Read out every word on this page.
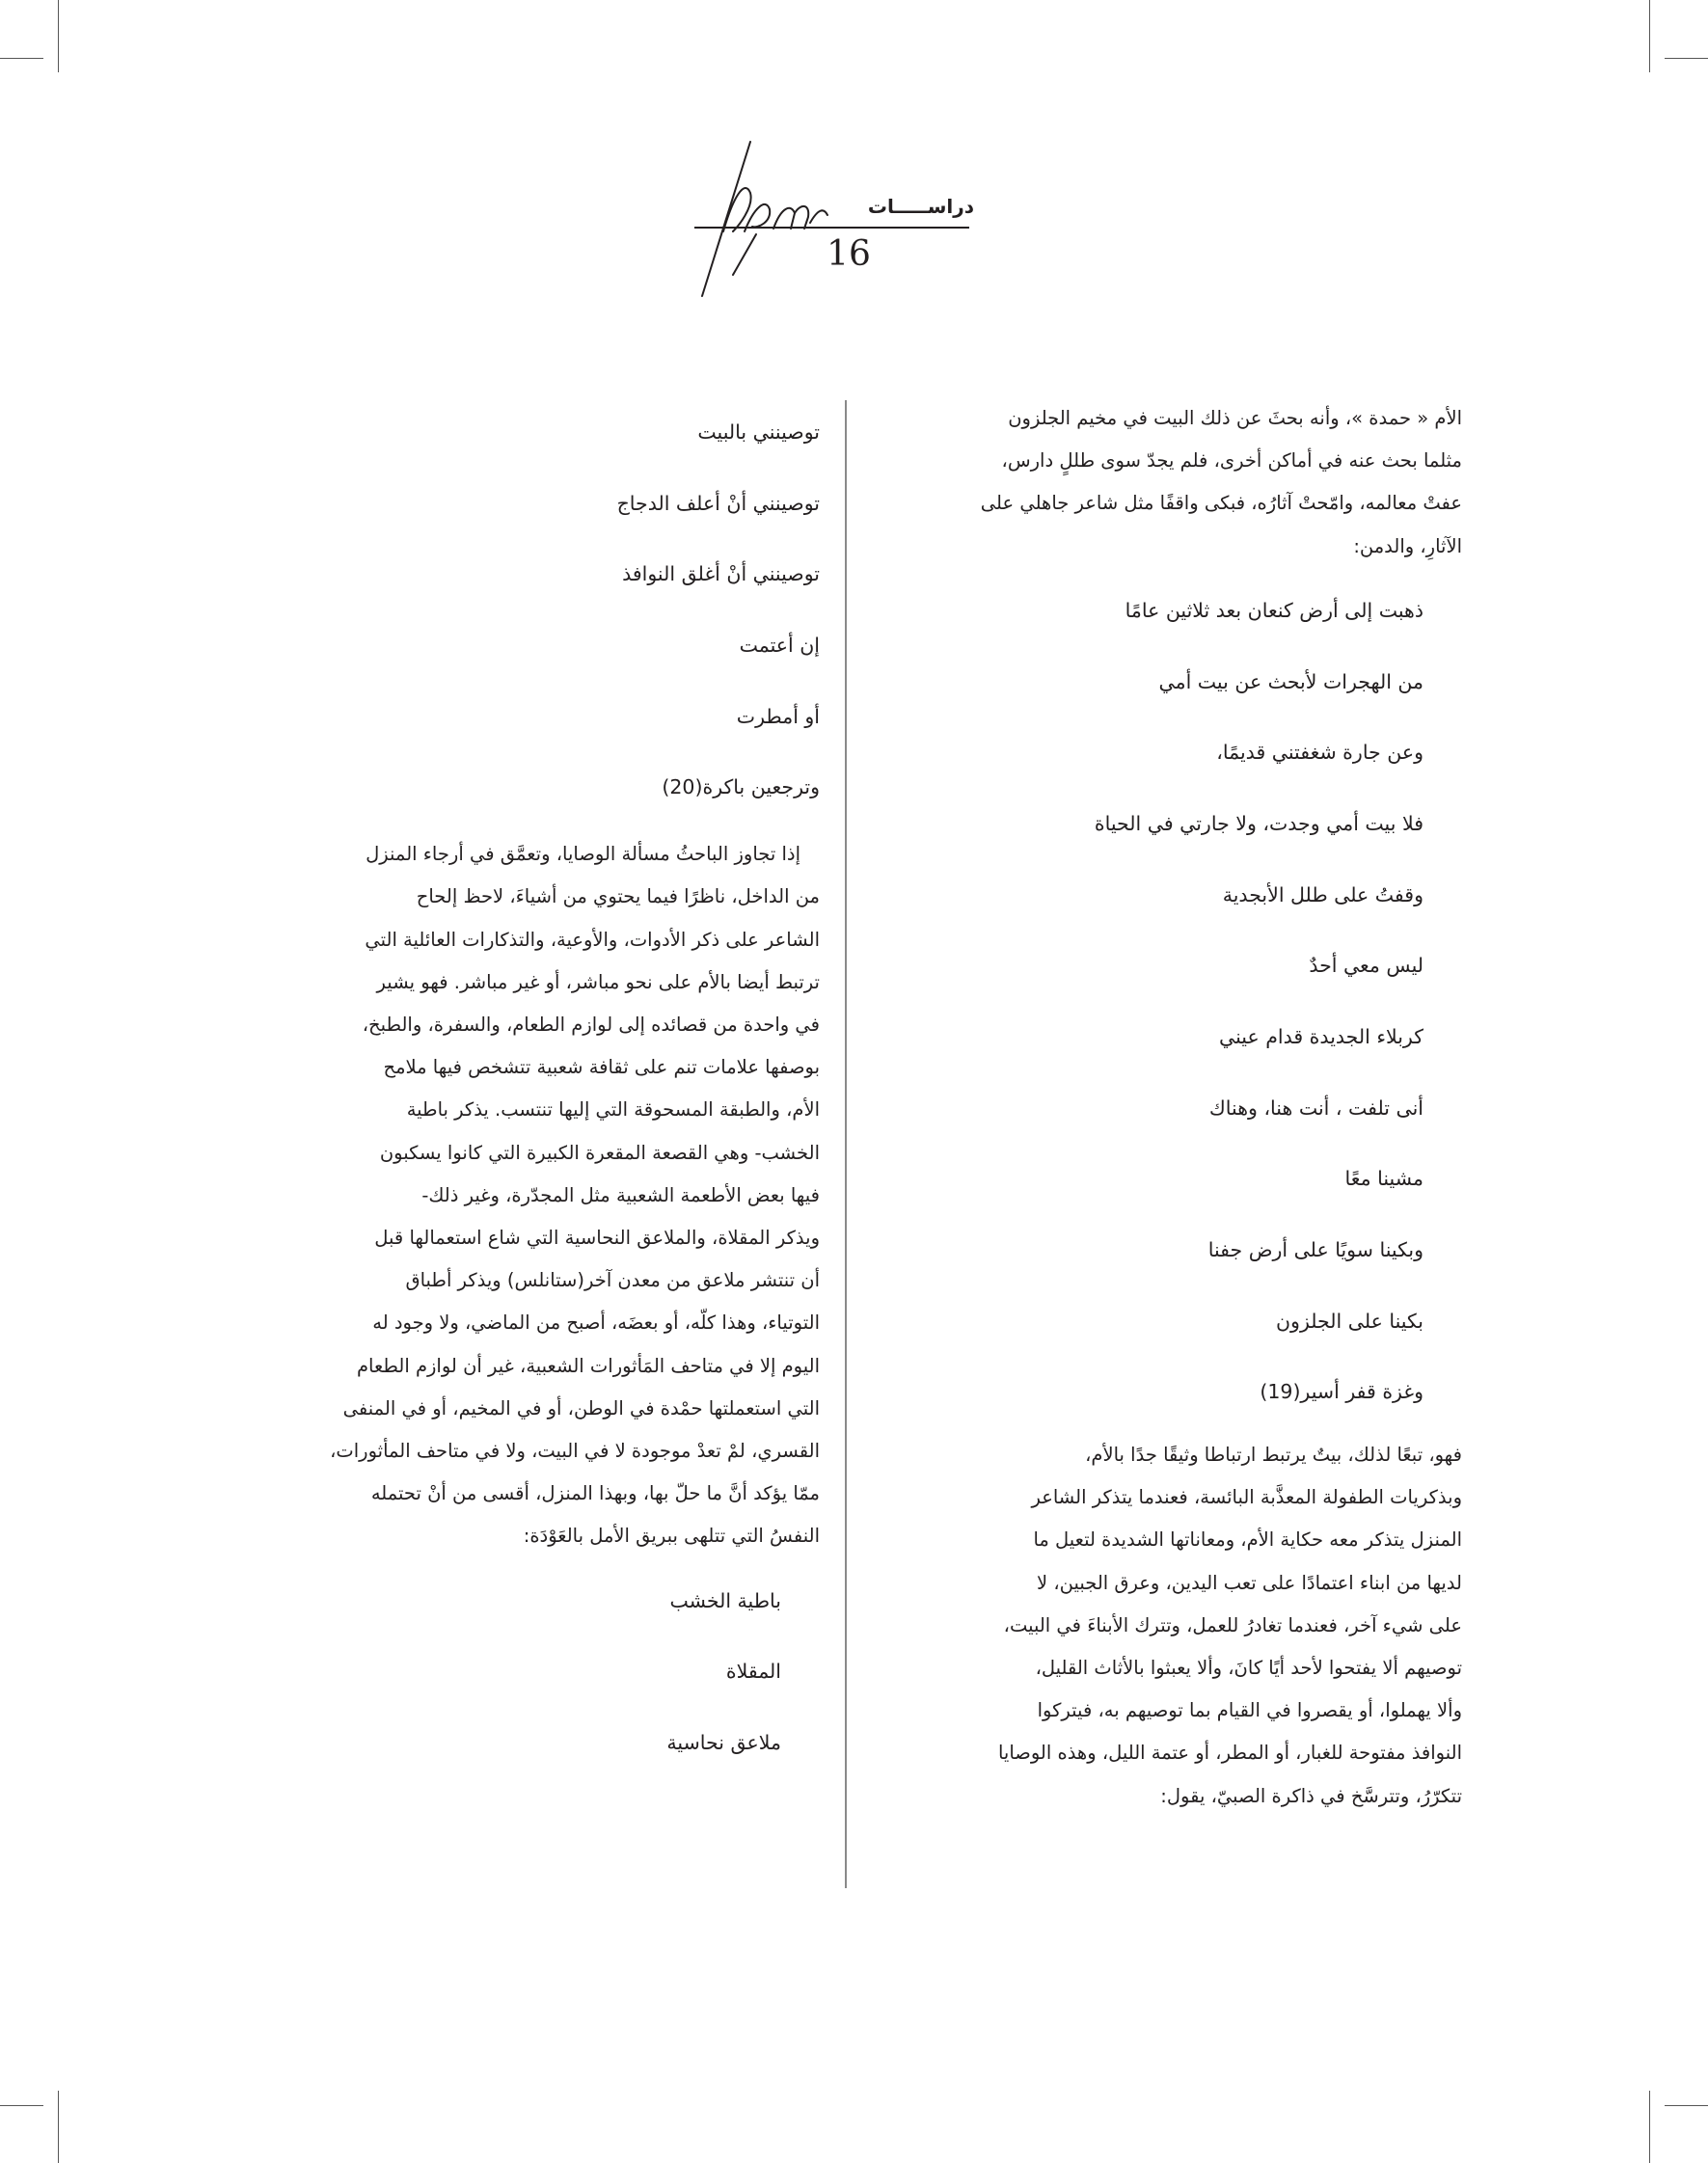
دراســـــات
16
الأم « حمدة »، وأنه بحثَ عن ذلك البيت في مخيم الجلزون
مثلما بحث عنه في أماكن أخرى، فلم يجدّ سوى طللٍ دارس،
عفتْ معالمه، وامّحتْ آثارُه، فبكى واقفًا مثل شاعر جاهلي على
الآثارِ، والدمن:
ذهبت إلى أرض كنعان بعد ثلاثين عامًا
من الهجرات لأبحث عن بيت أمي
وعن جارة شغفتني قديمًا،
فلا بيت أمي وجدت، ولا جارتي في الحياة
وقفتُ على طلل الأبجدية
ليس معي أحدٌ
كربلاء الجديدة قدام عيني
أنى تلفت ، أنت هنا، وهناك
مشينا معًا
وبكينا سويًا على أرض جفنا
بكينا على الجلزون
وغزة قفر أسير(19)
فهو، تبعًا لذلك، بيتٌ يرتبط ارتباطا وثيقًا جدًا بالأم،
وبذكريات الطفولة المعذَّبة البائسة، فعندما يتذكر الشاعر
المنزل يتذكر معه حكاية الأم، ومعاناتها الشديدة لتعيل ما
لديها من ابناء اعتمادًا على تعب اليدين، وعرق الجبين، لا
على شيء آخر، فعندما تغادرُ للعمل، وتترك الأبناءَ في البيت،
توصيهم ألا يفتحوا لأحد أيًا كانَ، وألا يعبثوا بالأثاث القليل،
وألا يهملوا، أو يقصروا في القيام بما توصيهم به، فيتركوا
النوافذ مفتوحة للغبار، أو المطر، أو عتمة الليل، وهذه الوصايا
تتكرّرُ، وتترسَّخ في ذاكرة الصبيّ، يقول:
توصينني بالبيت
توصينني أنْ أعلف الدجاج
توصينني أنْ أغلق النوافذ
إن أعتمت
أو أمطرت
وترجعين باكرة(20)
إذا تجاوز الباحثُ مسألة الوصايا، وتعمَّق في أرجاء المنزل
من الداخل، ناظرًا فيما يحتوي من أشياءَ، لاحظ إلحاح
الشاعر على ذكر الأدوات، والأوعية، والتذكارات العائلية التي
ترتبط أيضا بالأم على نحو مباشر، أو غير مباشر. فهو يشير
في واحدة من قصائده إلى لوازم الطعام، والسفرة، والطبخ،
بوصفها علامات تنم على ثقافة شعبية تتشخص فيها ملامح
الأم، والطبقة المسحوقة التي إليها تنتسب. يذكر باطية
الخشب- وهي القصعة المقعرة الكبيرة التي كانوا يسكبون
فيها بعض الأطعمة الشعبية مثل المجدّرة، وغير ذلك-
ويذكر المقلاة، والملاعق النحاسية التي شاع استعمالها قبل
أن تنتشر ملاعق من معدن آخر(ستانلس) ويذكر أطباق
التوتياء، وهذا كلّه، أو بعضَه، أصبح من الماضي، ولا وجود له
اليوم إلا في متاحف المَأثورات الشعبية، غير أن لوازم الطعام
التي استعملتها حمْدة في الوطن، أو في المخيم، أو في المنفى
القسري، لمْ تعدْ موجودة لا في البيت، ولا في متاحف المأثورات،
ممّا يؤكد أنَّ ما حلّ بها، وبهذا المنزل، أقسى من أنْ تحتمله
النفسُ التي تتلهى ببريق الأمل بالعَوْدَة:
باطية الخشب
المقلاة
ملاعق نحاسية
